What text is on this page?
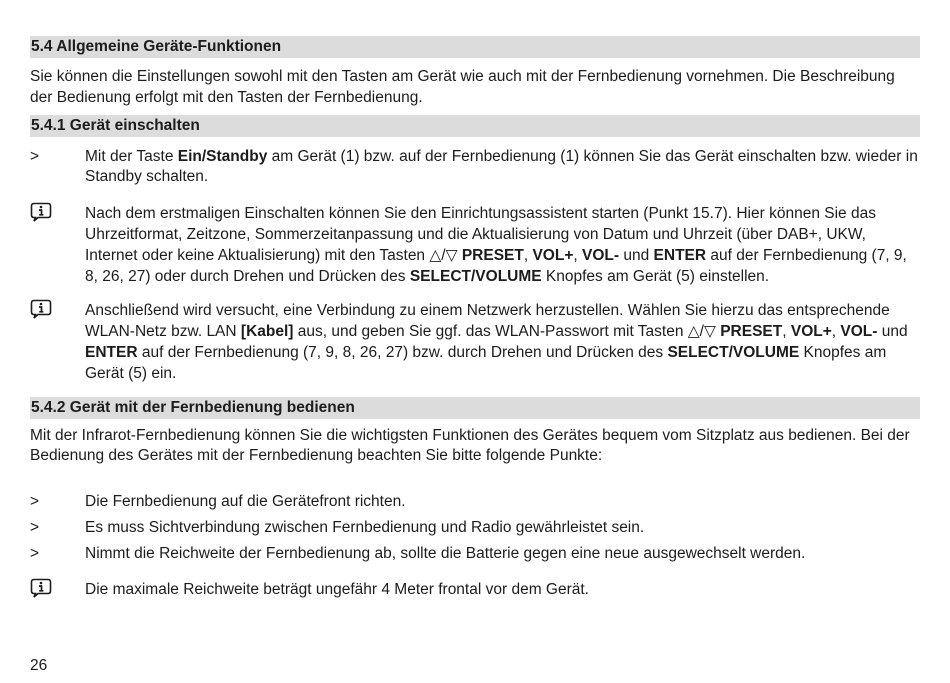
5.4 Allgemeine Geräte-Funktionen

Sie können die Einstellungen sowohl mit den Tasten am Gerät wie auch mit der Fernbedienung vornehmen. Die Beschreibung der Bedienung erfolgt mit den Tasten der Fernbedienung.

5.4.1 Gerät einschalten
>	Mit der Taste Ein/Standby am Gerät (1) bzw. auf der Fernbedienung (1) können Sie das Gerät einschalten bzw. wieder in Standby schalten.
Nach dem erstmaligen Einschalten können Sie den Einrichtungsassistent starten (Punkt 15.7). Hier können Sie das Uhrzeitformat, Zeitzone, Sommerzeitanpassung und die Aktualisierung von Datum und Uhrzeit (über DAB+, UKW, Internet oder keine Aktualisierung) mit den Tasten △/▽ PRESET, VOL+, VOL- und ENTER auf der Fernbedienung (7, 9, 8, 26, 27) oder durch Drehen und Drücken des SELECT/VOLUME Knopfes am Gerät (5) einstellen.
Anschließend wird versucht, eine Verbindung zu einem Netzwerk herzustellen. Wählen Sie hierzu das entsprechende WLAN-Netz bzw. LAN [Kabel] aus, und geben Sie ggf. das WLAN-Passwort mit Tasten △/▽ PRESET, VOL+, VOL- und ENTER auf der Fernbedienung (7, 9, 8, 26, 27) bzw. durch Drehen und Drücken des SELECT/VOLUME Knopfes am Gerät (5) ein.
5.4.2 Gerät mit der Fernbedienung bedienen

Mit der Infrarot-Fernbedienung können Sie die wichtigsten Funktionen des Gerätes bequem vom Sitzplatz aus bedienen. Bei der Bedienung des Gerätes mit der Fernbedienung beachten Sie bitte folgende Punkte:

>	Die Fernbedienung auf die Gerätefront richten.
>	Es muss Sichtverbindung zwischen Fernbedienung und Radio gewährleistet sein.
>	Nimmt die Reichweite der Fernbedienung ab, sollte die Batterie gegen eine neue ausgewechselt werden.
Die maximale Reichweite beträgt ungefähr 4 Meter frontal vor dem Gerät.
26
